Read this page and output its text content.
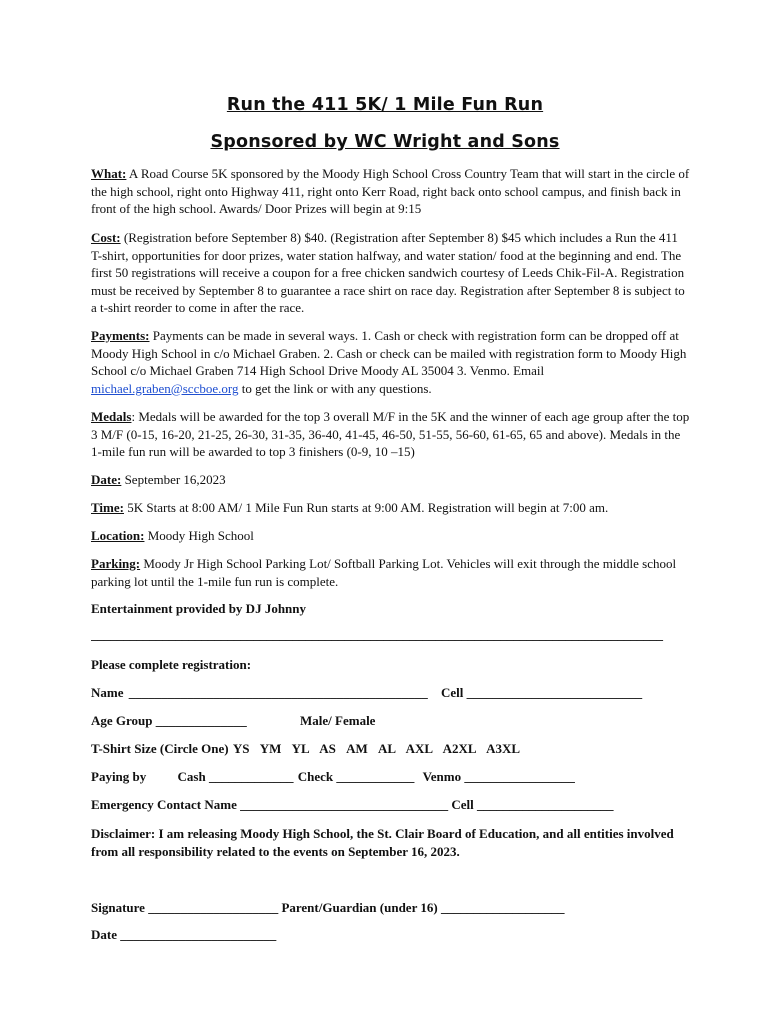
Run the 411 5K/ 1 Mile Fun Run
Sponsored by WC Wright and Sons

What: A Road Course 5K sponsored by the Moody High School Cross Country Team that will start in the circle of the high school, right onto Highway 411, right onto Kerr Road, right back onto school campus, and finish back in front of the high school. Awards/ Door Prizes will begin at 9:15

Cost: (Registration before September 8) $40. (Registration after September 8) $45 which includes a Run the 411 T-shirt, opportunities for door prizes, water station halfway, and water station/ food at the beginning and end. The first 50 registrations will receive a coupon for a free chicken sandwich courtesy of Leeds Chik-Fil-A. Registration must be received by September 8 to guarantee a race shirt on race day. Registration after September 8 is subject to a t-shirt reorder to come in after the race.

Payments: Payments can be made in several ways. 1. Cash or check with registration form can be dropped off at Moody High School in c/o Michael Graben. 2. Cash or check can be mailed with registration form to Moody High School c/o Michael Graben 714 High School Drive Moody AL 35004 3. Venmo. Email michael.graben@sccboe.org to get the link or with any questions.

Medals: Medals will be awarded for the top 3 overall M/F in the 5K and the winner of each age group after the top 3 M/F (0-15, 16-20, 21-25, 26-30, 31-35, 36-40, 41-45, 46-50, 51-55, 56-60, 61-65, 65 and above). Medals in the 1-mile fun run will be awarded to top 3 finishers (0-9, 10 –15)

Date: September 16,2023

Time: 5K Starts at 8:00 AM/ 1 Mile Fun Run starts at 9:00 AM. Registration will begin at 7:00 am.

Location: Moody High School

Parking: Moody Jr High School Parking Lot/ Softball Parking Lot. Vehicles will exit through the middle school parking lot until the 1-mile fun run is complete.

Entertainment provided by DJ Johnny
________________________________________________________________________________________
Please complete registration:
Name ______________________________________________ Cell ___________________________
Age Group ______________	Male/ Female
T-Shirt Size (Circle One) YS YM YL AS AM AL AXL A2XL A3XL
Paying by Cash _____________ Check ____________ Venmo _________________
Emergency Contact Name ________________________________ Cell _____________________

Disclaimer: I am releasing Moody High School, the St. Clair Board of Education, and all entities involved from all responsibility related to the events on September 16, 2023.

Signature ____________________ Parent/Guardian (under 16) ___________________
Date ________________________
